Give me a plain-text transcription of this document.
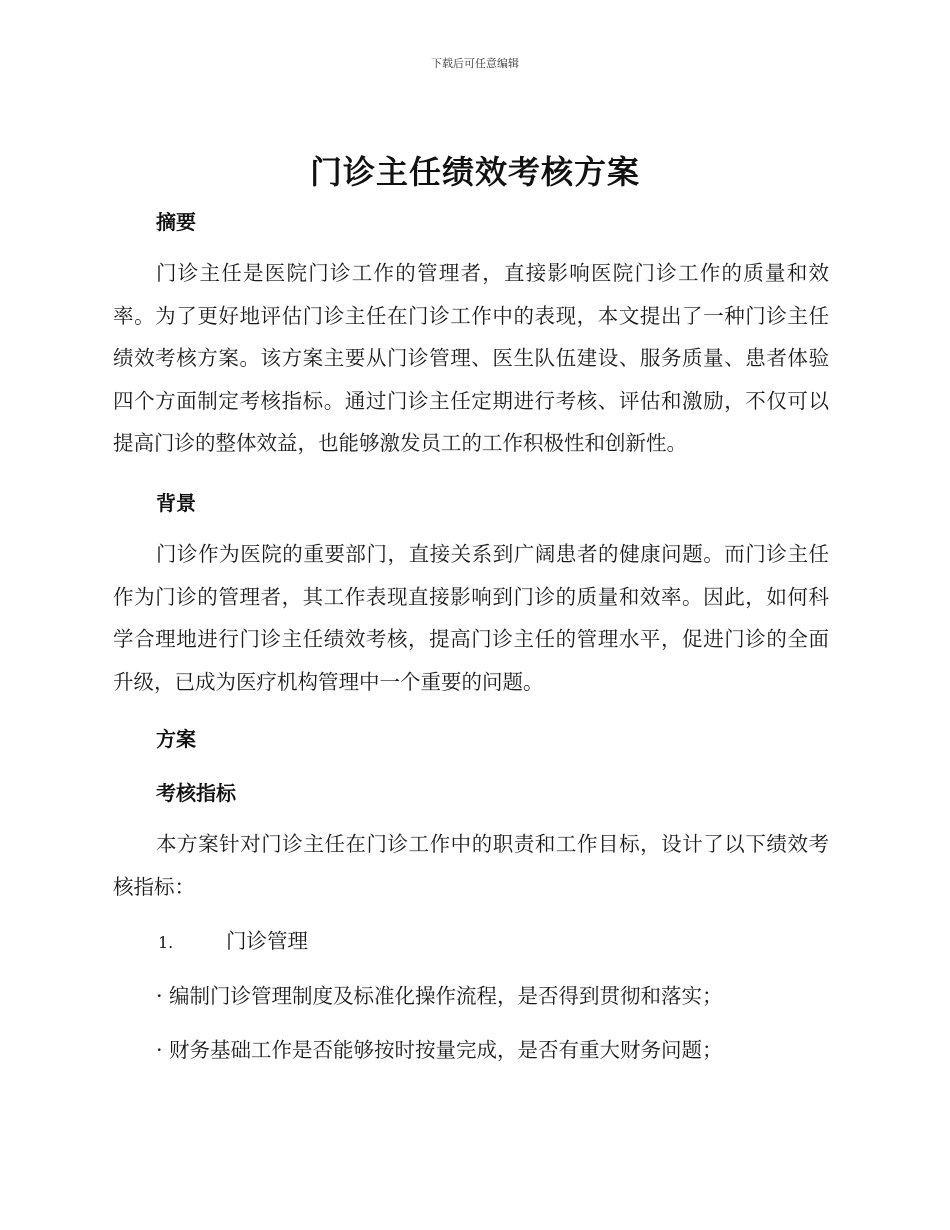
下载后可任意编辑
门诊主任绩效考核方案
摘要
门诊主任是医院门诊工作的管理者，直接影响医院门诊工作的质量和效率。为了更好地评估门诊主任在门诊工作中的表现，本文提出了一种门诊主任绩效考核方案。该方案主要从门诊管理、医生队伍建设、服务质量、患者体验四个方面制定考核指标。通过门诊主任定期进行考核、评估和激励，不仅可以提高门诊的整体效益，也能够激发员工的工作积极性和创新性。
背景
门诊作为医院的重要部门，直接关系到广阔患者的健康问题。而门诊主任作为门诊的管理者，其工作表现直接影响到门诊的质量和效率。因此，如何科学合理地进行门诊主任绩效考核，提高门诊主任的管理水平，促进门诊的全面升级，已成为医疗机构管理中一个重要的问题。
方案
考核指标
本方案针对门诊主任在门诊工作中的职责和工作目标，设计了以下绩效考核指标：
1.	门诊管理
· 编制门诊管理制度及标准化操作流程，是否得到贯彻和落实；
· 财务基础工作是否能够按时按量完成，是否有重大财务问题；
